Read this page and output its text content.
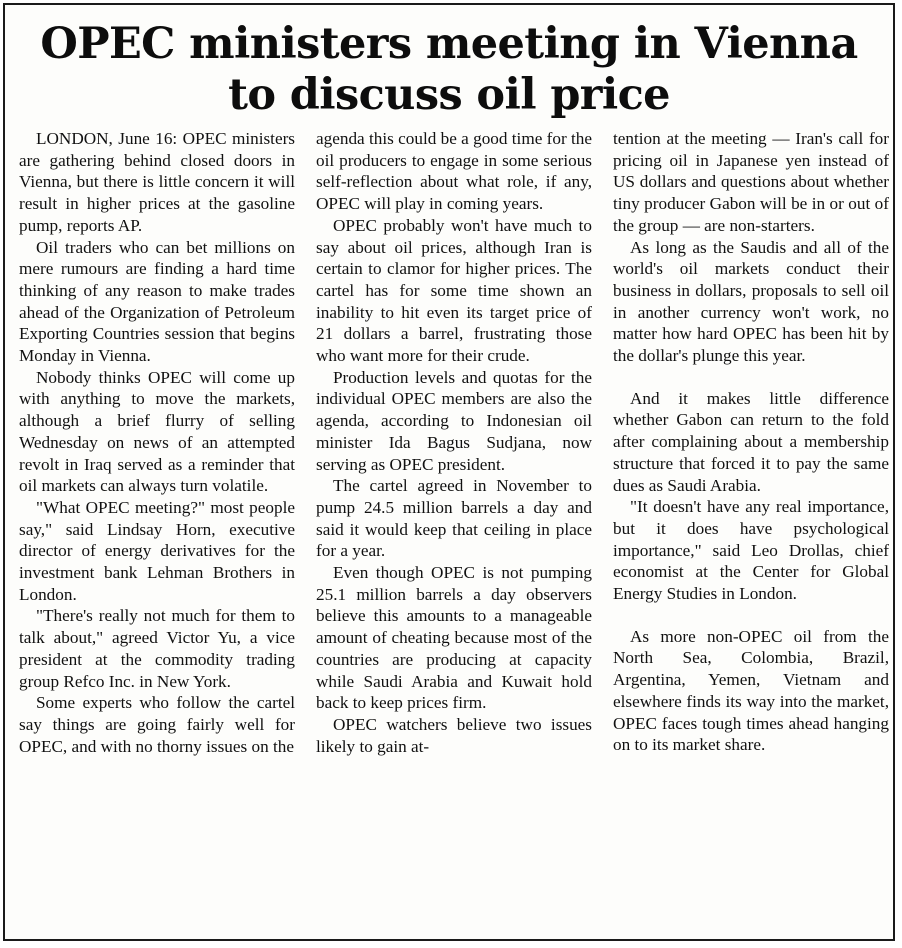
OPEC ministers meeting in Vienna
to discuss oil price

LONDON, June 16: OPEC ministers are gathering behind closed doors in Vienna, but there is little concern it will result in higher prices at the gasoline pump, reports AP.

Oil traders who can bet millions on mere rumours are finding a hard time thinking of any reason to make trades ahead of the Organization of Petroleum Exporting Countries session that begins Monday in Vienna.

Nobody thinks OPEC will come up with anything to move the markets, although a brief flurry of selling Wednesday on news of an attempted revolt in Iraq served as a reminder that oil markets can always turn volatile.

"What OPEC meeting?" most people say," said Lindsay Horn, executive director of energy derivatives for the investment bank Lehman Brothers in London.

"There's really not much for them to talk about," agreed Victor Yu, a vice president at the commodity trading group Refco Inc. in New York.

Some experts who follow the cartel say things are going fairly well for OPEC, and with no thorny issues on the

agenda this could be a good time for the oil producers to engage in some serious self-reflection about what role, if any, OPEC will play in coming years.

OPEC probably won't have much to say about oil prices, although Iran is certain to clamor for higher prices. The cartel has for some time shown an inability to hit even its target price of 21 dollars a barrel, frustrating those who want more for their crude.

Production levels and quotas for the individual OPEC members are also the agenda, according to Indonesian oil minister Ida Bagus Sudjana, now serving as OPEC president.

The cartel agreed in November to pump 24.5 million barrels a day and said it would keep that ceiling in place for a year.

Even though OPEC is not pumping 25.1 million barrels a day observers believe this amounts to a manageable amount of cheating because most of the countries are producing at capacity while Saudi Arabia and Kuwait hold back to keep prices firm.

OPEC watchers believe two issues likely to gain at-

tention at the meeting — Iran's call for pricing oil in Japanese yen instead of US dollars and questions about whether tiny producer Gabon will be in or out of the group — are non-starters.

As long as the Saudis and all of the world's oil markets conduct their business in dollars, proposals to sell oil in another currency won't work, no matter how hard OPEC has been hit by the dollar's plunge this year.

And it makes little difference whether Gabon can return to the fold after complaining about a membership structure that forced it to pay the same dues as Saudi Arabia.

"It doesn't have any real importance, but it does have psychological importance," said Leo Drollas, chief economist at the Center for Global Energy Studies in London.

As more non-OPEC oil from the North Sea, Colombia, Brazil, Argentina, Yemen, Vietnam and elsewhere finds its way into the market, OPEC faces tough times ahead hanging on to its market share.
